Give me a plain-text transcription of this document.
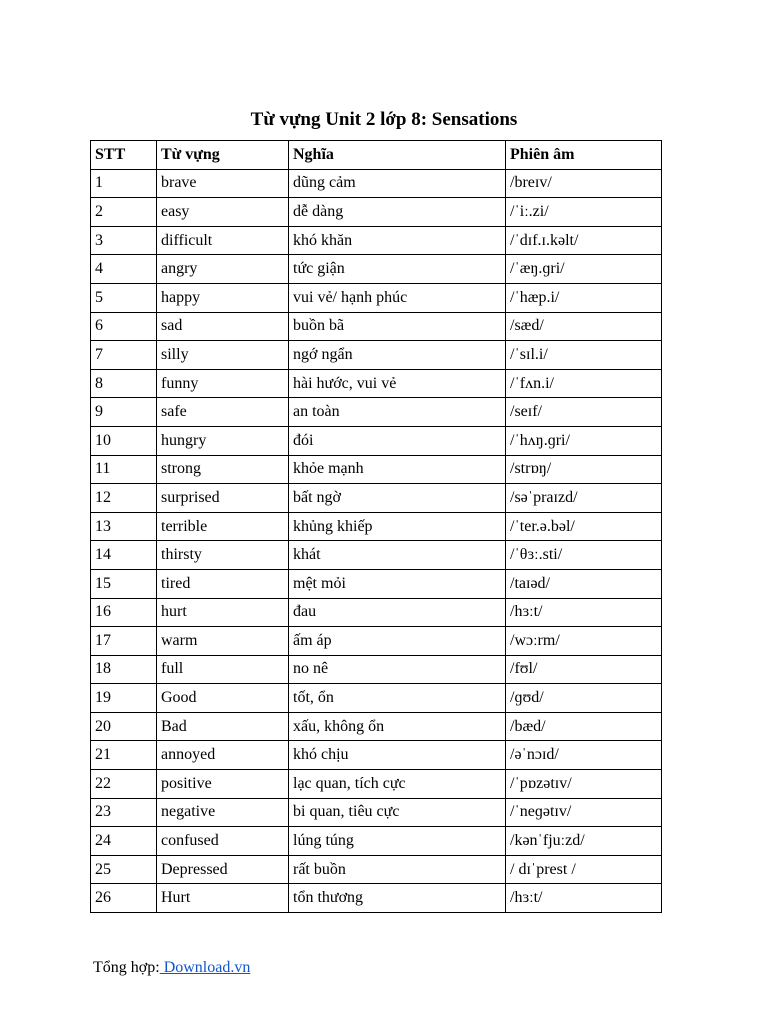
Từ vựng Unit 2 lớp 8: Sensations
STT	Từ vựng	Nghĩa	Phiên âm
1	brave	dũng cảm	/breɪv/
2	easy	dễ dàng	/ˈiː.zi/
3	difficult	khó khăn	/ˈdɪf.ɪ.kəlt/
4	angry	tức giận	/ˈæŋ.ɡri/
5	happy	vui vẻ/ hạnh phúc	/ˈhæp.i/
6	sad	buồn bã	/sæd/
7	silly	ngớ ngẩn	/ˈsɪl.i/
8	funny	hài hước, vui vẻ	/ˈfʌn.i/
9	safe	an toàn	/seɪf/
10	hungry	đói	/ˈhʌŋ.ɡri/
11	strong	khỏe mạnh	/strɒŋ/
12	surprised	bất ngờ	/səˈpraɪzd/
13	terrible	khủng khiếp	/ˈter.ə.bəl/
14	thirsty	khát	/ˈθɜː.sti/
15	tired	mệt mỏi	/taɪəd/
16	hurt	đau	/hɜːt/
17	warm	ấm áp	/wɔːrm/
18	full	no nê	/fʊl/
19	Good	tốt, ổn	/ɡʊd/
20	Bad	xấu, không ổn	/bæd/
21	annoyed	khó chịu	/əˈnɔɪd/
22	positive	lạc quan, tích cực	/ˈpɒzətɪv/
23	negative	bi quan, tiêu cực	/ˈneɡətɪv/
24	confused	lúng túng	/kənˈfjuːzd/
25	Depressed	rất buồn	/ dɪˈprest /
26	Hurt	tổn thương	/hɜːt/
Tổng hợp: Download.vn
